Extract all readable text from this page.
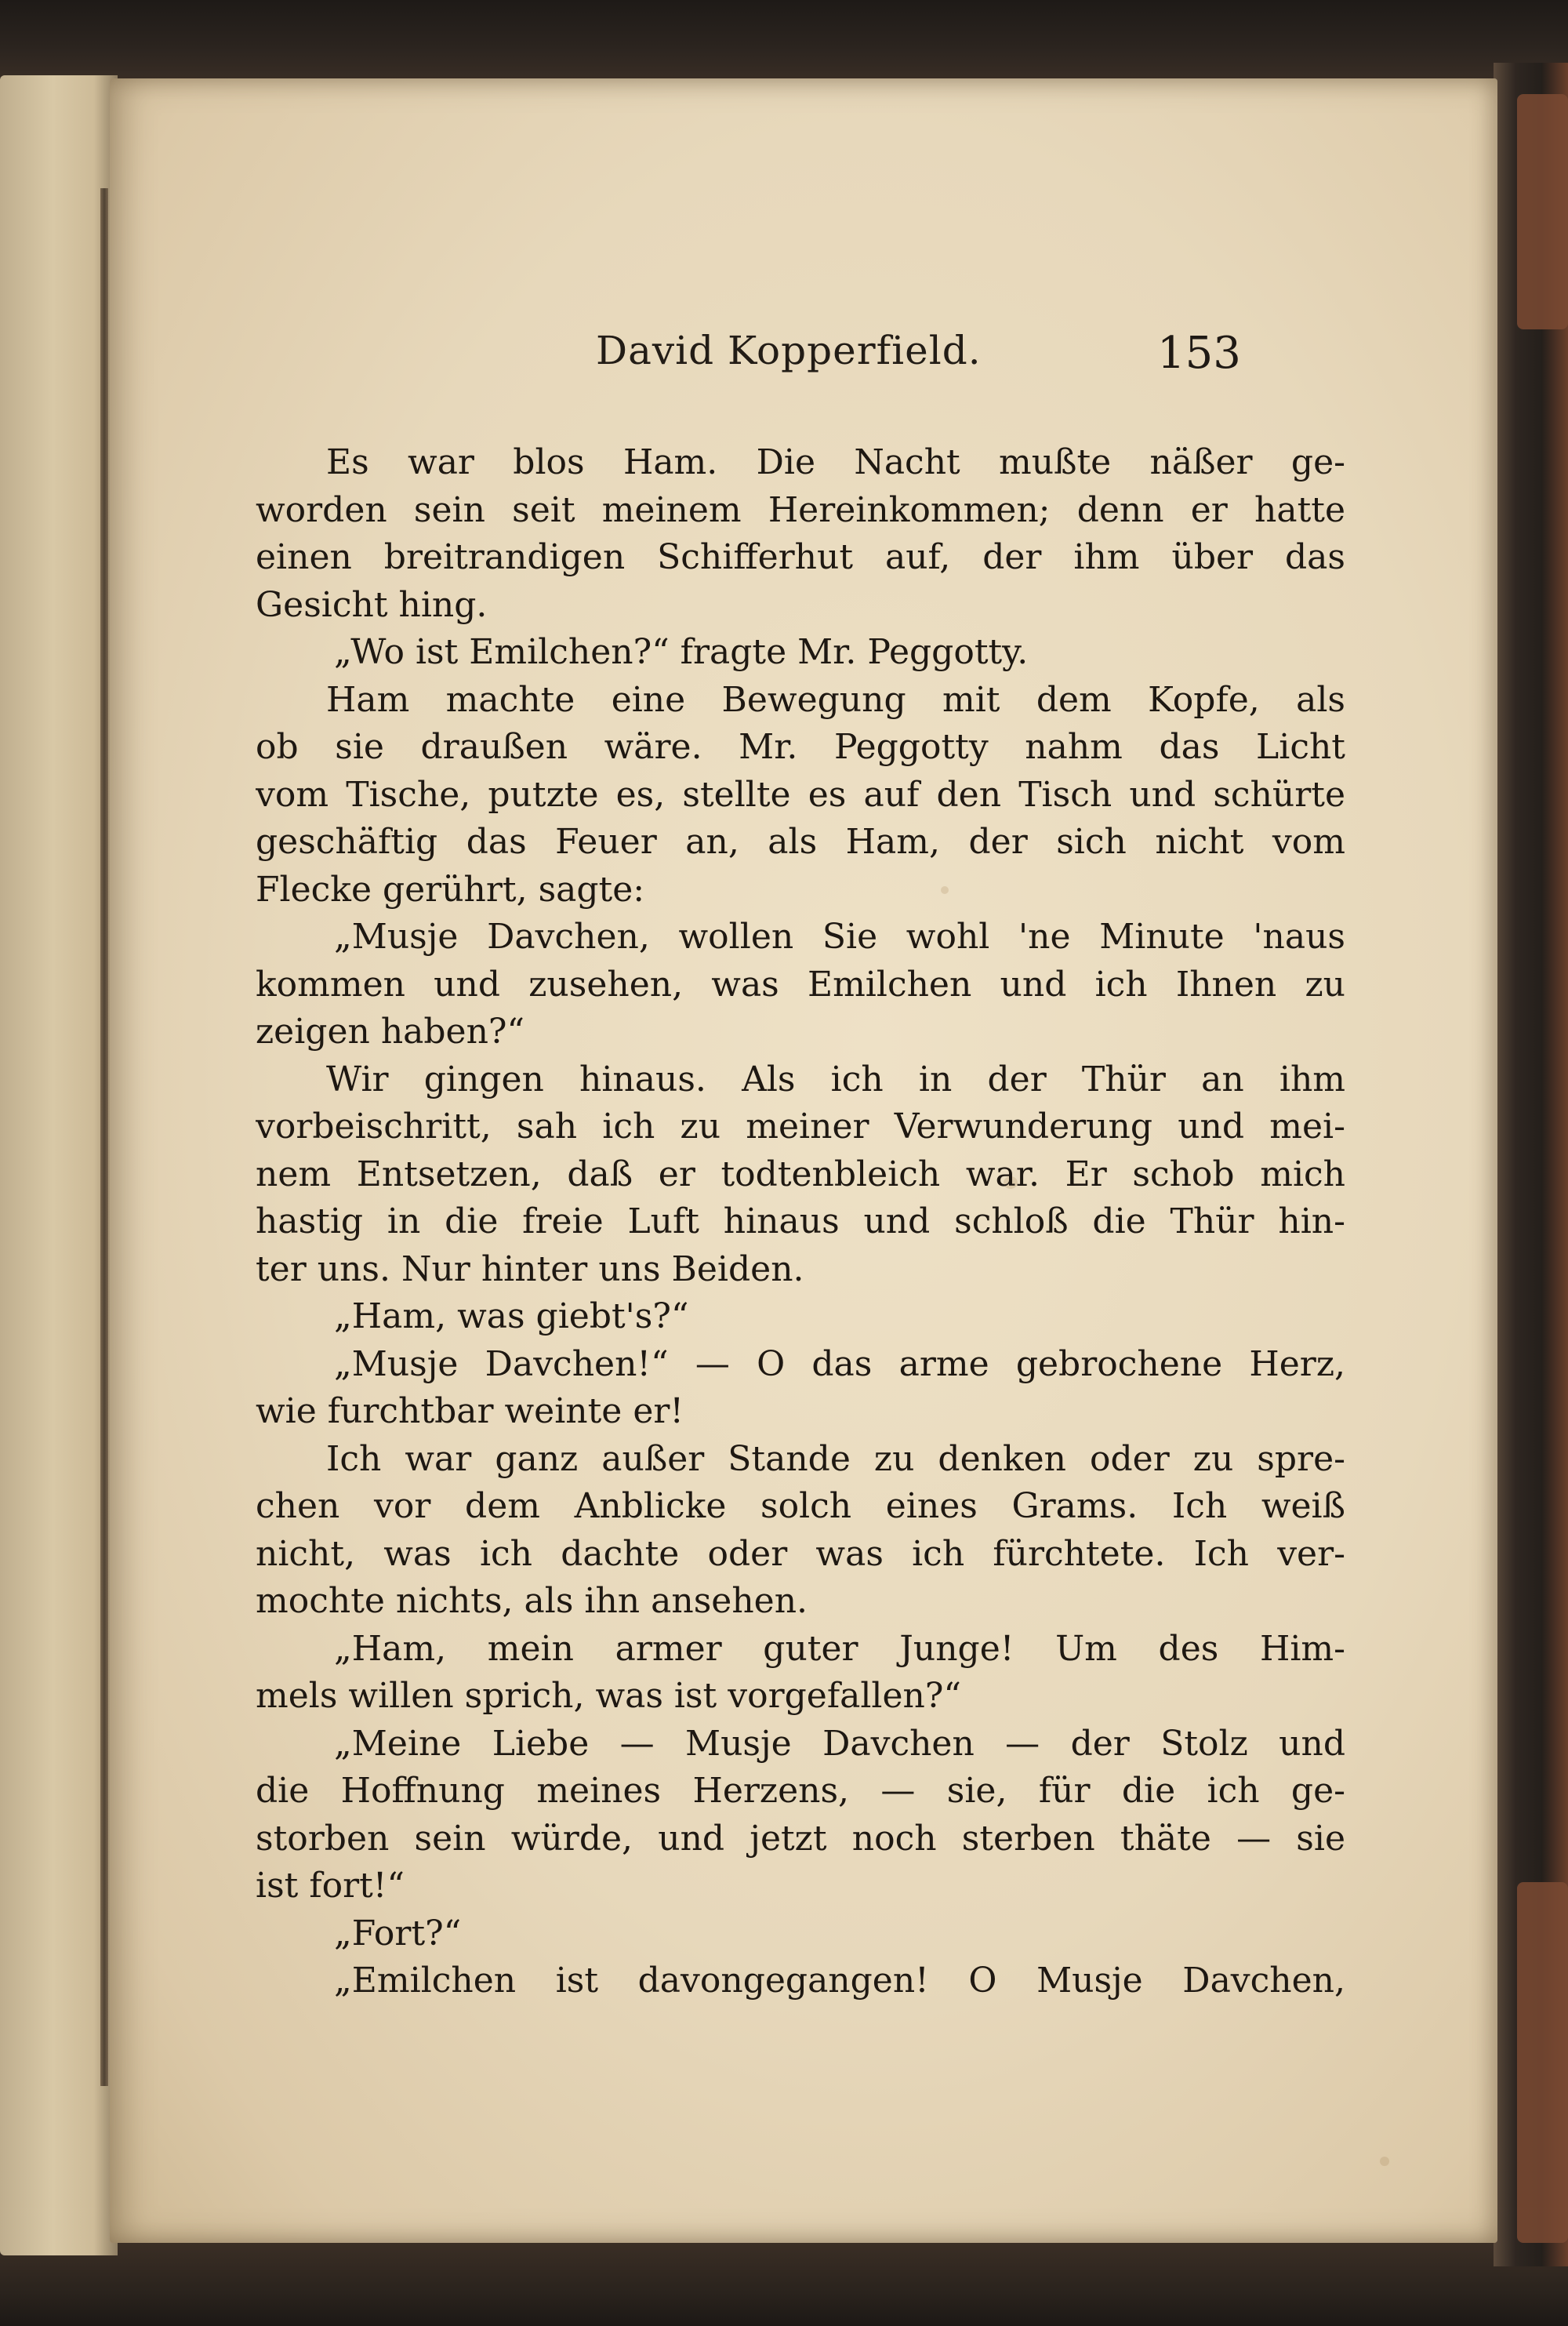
David Kopperfield.	153
Es war blos Ham. Die Nacht mußte näßer ge-
worden sein seit meinem Hereinkommen; denn er hatte
einen breitrandigen Schifferhut auf, der ihm über das
Gesicht hing.
„Wo ist Emilchen?“ fragte Mr. Peggotty.
Ham machte eine Bewegung mit dem Kopfe, als
ob sie draußen wäre. Mr. Peggotty nahm das Licht
vom Tische, putzte es, stellte es auf den Tisch und schürte
geschäftig das Feuer an, als Ham, der sich nicht vom
Flecke gerührt, sagte:
„Musje Davchen, wollen Sie wohl 'ne Minute 'naus
kommen und zusehen, was Emilchen und ich Ihnen zu
zeigen haben?“
Wir gingen hinaus. Als ich in der Thür an ihm
vorbeischritt, sah ich zu meiner Verwunderung und mei-
nem Entsetzen, daß er todtenbleich war. Er schob mich
hastig in die freie Luft hinaus und schloß die Thür hin-
ter uns. Nur hinter uns Beiden.
„Ham, was giebt's?“
„Musje Davchen!“ — O das arme gebrochene Herz,
wie furchtbar weinte er!
Ich war ganz außer Stande zu denken oder zu spre-
chen vor dem Anblicke solch eines Grams. Ich weiß
nicht, was ich dachte oder was ich fürchtete. Ich ver-
mochte nichts, als ihn ansehen.
„Ham, mein armer guter Junge! Um des Him-
mels willen sprich, was ist vorgefallen?“
„Meine Liebe — Musje Davchen — der Stolz und
die Hoffnung meines Herzens, — sie, für die ich ge-
storben sein würde, und jetzt noch sterben thäte — sie
ist fort!“
„Fort?“
„Emilchen ist davongegangen! O Musje Davchen,
